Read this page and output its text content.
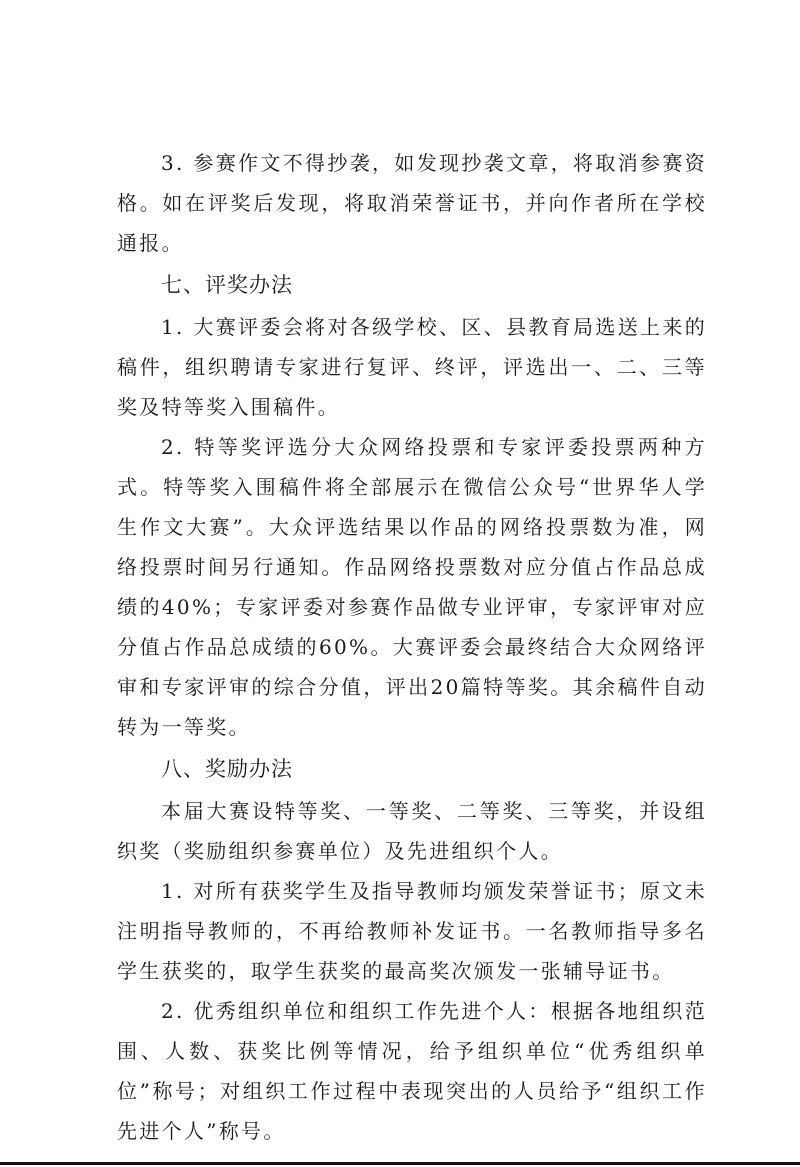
3. 参赛作文不得抄袭，如发现抄袭文章，将取消参赛资格。如在评奖后发现，将取消荣誉证书，并向作者所在学校通报。

七、评奖办法

1. 大赛评委会将对各级学校、区、县教育局选送上来的稿件，组织聘请专家进行复评、终评，评选出一、二、三等奖及特等奖入围稿件。

2. 特等奖评选分大众网络投票和专家评委投票两种方式。特等奖入围稿件将全部展示在微信公众号“世界华人学生作文大赛”。大众评选结果以作品的网络投票数为准，网络投票时间另行通知。作品网络投票数对应分值占作品总成绩的40%；专家评委对参赛作品做专业评审，专家评审对应分值占作品总成绩的60%。大赛评委会最终结合大众网络评审和专家评审的综合分值，评出20篇特等奖。其余稿件自动转为一等奖。

八、奖励办法

本届大赛设特等奖、一等奖、二等奖、三等奖，并设组织奖（奖励组织参赛单位）及先进组织个人。

1. 对所有获奖学生及指导教师均颁发荣誉证书；原文未注明指导教师的，不再给教师补发证书。一名教师指导多名学生获奖的，取学生获奖的最高奖次颁发一张辅导证书。

2. 优秀组织单位和组织工作先进个人：根据各地组织范围、人数、获奖比例等情况，给予组织单位“优秀组织单位”称号；对组织工作过程中表现突出的人员给予“组织工作先进个人”称号。
